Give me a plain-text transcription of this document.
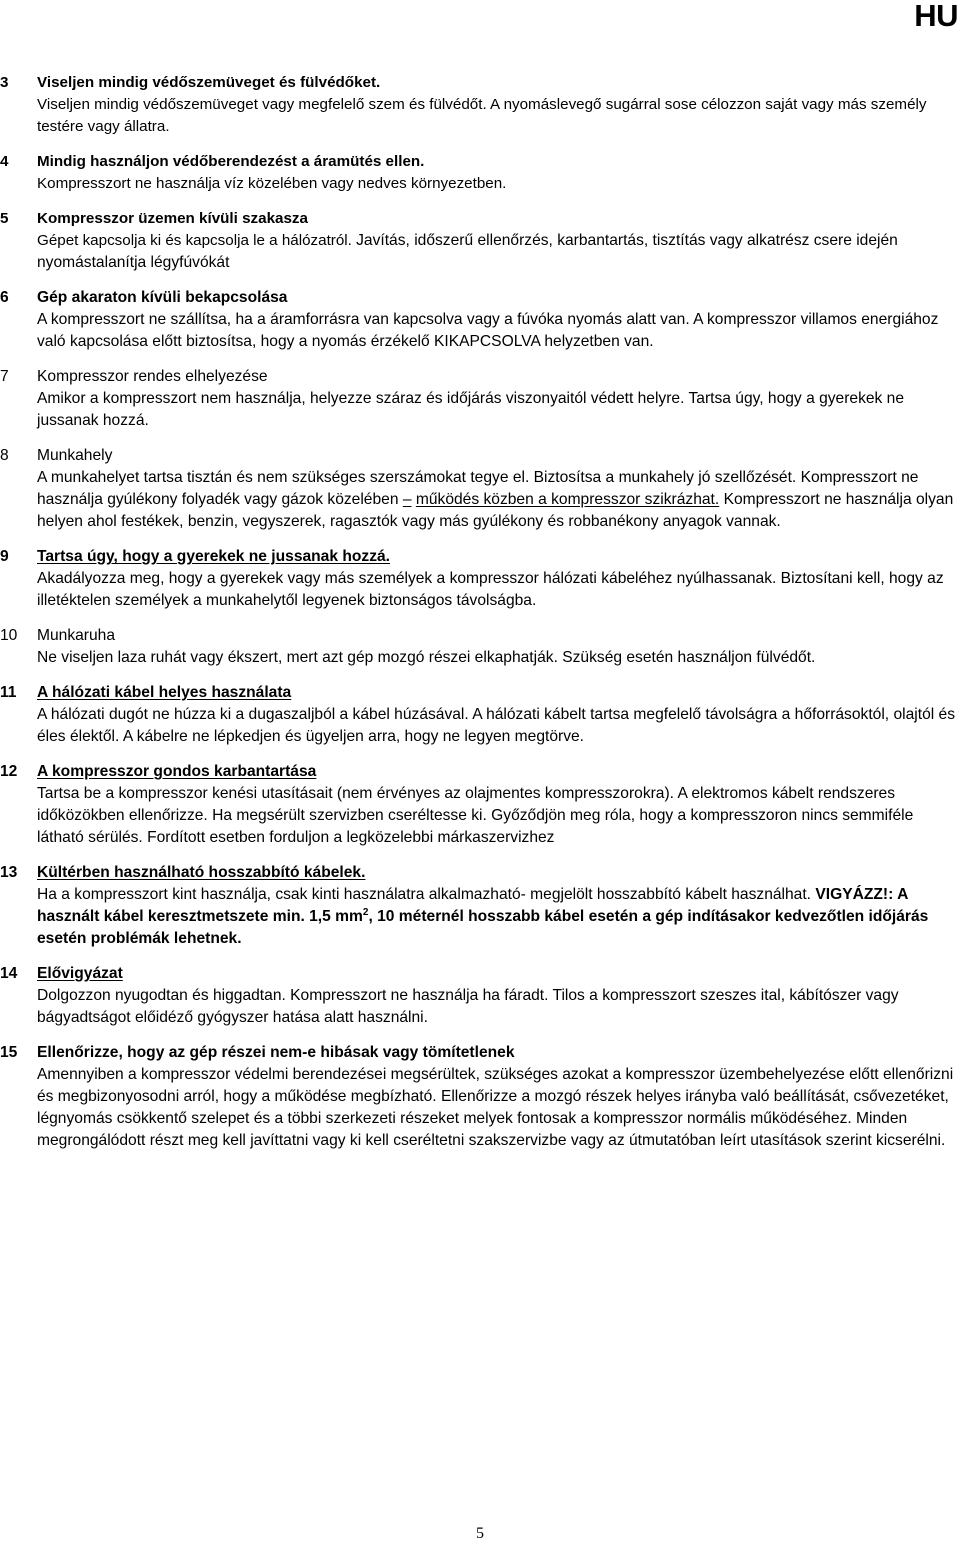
HU
3 Viseljen mindig védőszemüveget és fülvédőket.
Viseljen mindig védőszemüveget vagy megfelelő szem és fülvédőt. A nyomáslevegő sugárral sose célozzon saját vagy más személy testére vagy állatra.
4 Mindig használjon védőberendezést a áramütés ellen.
Kompresszort ne használja víz közelében vagy nedves környezetben.
5 Kompresszor üzemen kívüli szakasza
Gépet kapcsolja ki és kapcsolja le a hálózatról. Javítás, időszerű ellenőrzés, karbantartás, tisztítás vagy alkatrész csere idején nyomástalanítja légyfúvókát
6 Gép akaraton kívüli bekapcsolása
A kompresszort ne szállítsa, ha a áramforrásra van kapcsolva vagy a fúvóka nyomás alatt van. A kompresszor villamos energiához való kapcsolása előtt biztosítsa, hogy a nyomás érzékelő KIKAPCSOLVA helyzetben van.
7 Kompresszor rendes elhelyezése
Amikor a kompresszort nem használja, helyezze száraz és időjárás viszonyaitól védett helyre. Tartsa úgy, hogy a gyerekek ne jussanak hozzá.
8 Munkahely
A munkahelyet tartsa tisztán és nem szükséges szerszámokat tegye el. Biztosítsa a munkahely jó szellőzését. Kompresszort ne használja gyúlékony folyadék vagy gázok közelében – működés közben a kompresszor szikrázhat. Kompresszort ne használja olyan helyen ahol festékek, benzin, vegyszerek, ragasztók vagy más gyúlékony és robbanékony anyagok vannak.
9 Tartsa úgy, hogy a gyerekek ne jussanak hozzá.
Akadályozza meg, hogy a gyerekek vagy más személyek a kompresszor hálózati kábeléhez nyúlhassanak. Biztosítani kell, hogy az illetéktelen személyek a munkahelytől legyenek biztonságos távolságba.
10 Munkaruha
Ne viseljen laza ruhát vagy ékszert, mert azt gép mozgó részei elkaphatják. Szükség esetén használjon fülvédőt.
11 A hálózati kábel helyes használata
A hálózati dugót ne húzza ki a dugaszaljból a kábel húzásával. A hálózati kábelt tartsa megfelelő távolságra a hőforrásoktól, olajtól és éles élektől. A kábelre ne lépkedjen és ügyeljen arra, hogy ne legyen megtörve.
12 A kompresszor gondos karbantartása
Tartsa be a kompresszor kenési utasításait (nem érvényes az olajmentes kompresszorokra). A elektromos kábelt rendszeres időközökben ellenőrizze. Ha megsérült szervizben cseréltesse ki. Győződjön meg róla, hogy a kompresszoron nincs semmiféle látható sérülés. Fordított esetben forduljon a legközelebbi márkaszervizhez
13 Kültérben használható hosszabbító kábelek.
Ha a kompresszort kint használja, csak kinti használatra alkalmazható- megjelölt hosszabbító kábelt használhat. VIGYÁZZ!: A használt kábel keresztmetszete min. 1,5 $mm^2$, 10 méternél hosszabb kábel esetén a gép indításakor kedvezőtlen időjárás esetén problémák lehetnek.
14 Elővigyázat
Dolgozzon nyugodtan és higgadtan. Kompresszort ne használja ha fáradt. Tilos a kompresszort szeszes ital, kábítószer vagy bágyadtságot előidéző gyógyszer hatása alatt használni.
15 Ellenőrizze, hogy az gép részei nem-e hibásak vagy tömítetlenek
Amennyiben a kompresszor védelmi berendezései megsérültek, szükséges azokat a kompresszor üzembehelyezése előtt ellenőrizni és megbizonyosodni arról, hogy a működése megbízható. Ellenőrizze a mozgó részek helyes irányba való beállítását, csővezetéket, légnyomás csökkentő szelepet és a többi szerkezeti részeket melyek fontosak a kompresszor normális működéséhez. Minden megrongálódott részt meg kell javíttatni vagy ki kell cseréltetni szakszervizbe vagy az útmutatóban leírt utasítások szerint kicserélni.
5
